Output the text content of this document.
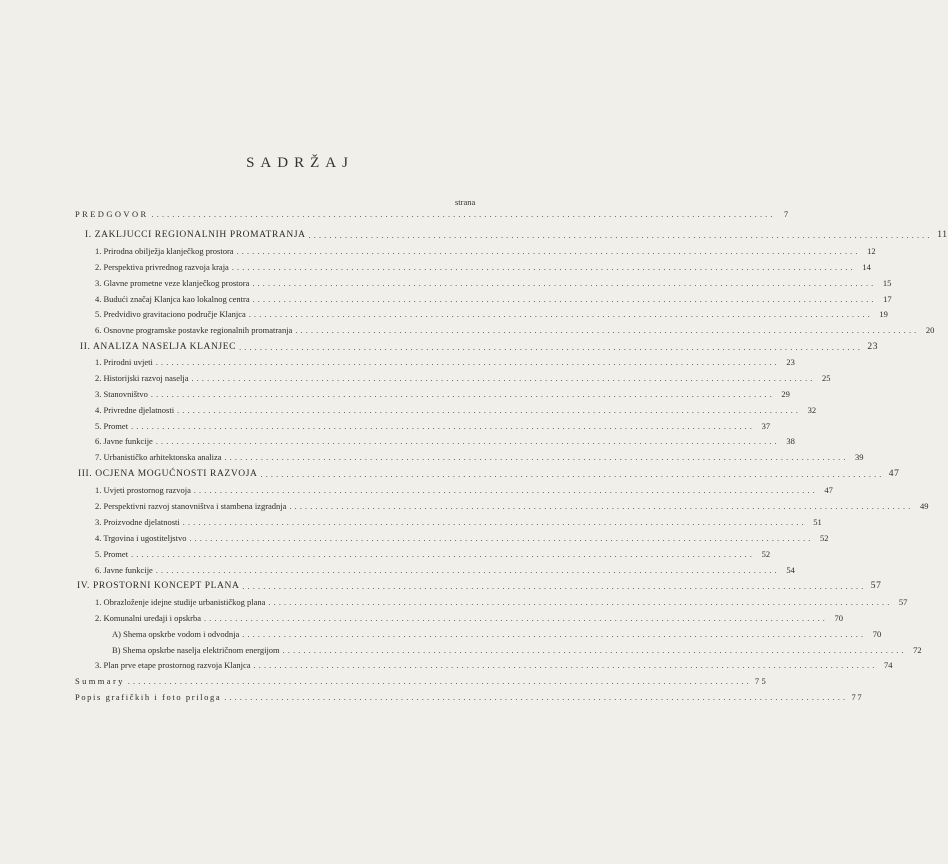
SADRŽAJ
strana
PREDGOVOR ........................................................................................................................ 7
I. ZAKLJUCCI REGIONALNIH PROMATRANJA ........................................................................................................................ 11
1. Prirodna obilježja klanječkog prostora ........................................................................................................................ 12
2. Perspektiva privrednog razvoja kraja ........................................................................................................................ 14
3. Glavne prometne veze klanječkog prostora ........................................................................................................................ 15
4. Budući značaj Klanjca kao lokalnog centra ........................................................................................................................ 17
5. Predvidivo gravitaciono područje Klanjca ........................................................................................................................ 19
6. Osnovne programske postavke regionalnih promatranja ........................................................................................................................ 20
II. ANALIZA NASELJA KLANJEC ........................................................................................................................ 23
1. Prirodni uvjeti ........................................................................................................................ 23
2. Historijski razvoj naselja ........................................................................................................................ 25
3. Stanovništvo ........................................................................................................................ 29
4. Privredne djelatnosti ........................................................................................................................ 32
5. Promet ........................................................................................................................ 37
6. Javne funkcije ........................................................................................................................ 38
7. Urbanističko arhitektonska analiza ........................................................................................................................ 39
III. OCJENA MOGUĆNOSTI RAZVOJA ........................................................................................................................ 47
1. Uvjeti prostornog razvoja ........................................................................................................................ 47
2. Perspektivni razvoj stanovništva i stambena izgradnja ........................................................................................................................ 49
3. Proizvodne djelatnosti ........................................................................................................................ 51
4. Trgovina i ugostiteljstvo ........................................................................................................................ 52
5. Promet ........................................................................................................................ 52
6. Javne funkcije ........................................................................................................................ 54
IV. PROSTORNI KONCEPT PLANA ........................................................................................................................ 57
1. Obrazloženje idejne studije urbanističkog plana ........................................................................................................................ 57
2. Komunalni uređaji i opskrba ........................................................................................................................ 70
A) Shema opskrbe vodom i odvodnja ........................................................................................................................ 70
B) Shema opskrbe naselja električnom energijom ........................................................................................................................ 72
3. Plan prve etape prostornog razvoja Klanjca ........................................................................................................................ 74
Summary ........................................................................................................................ 75
Popis grafičkih i foto priloga ........................................................................................................................ 77
